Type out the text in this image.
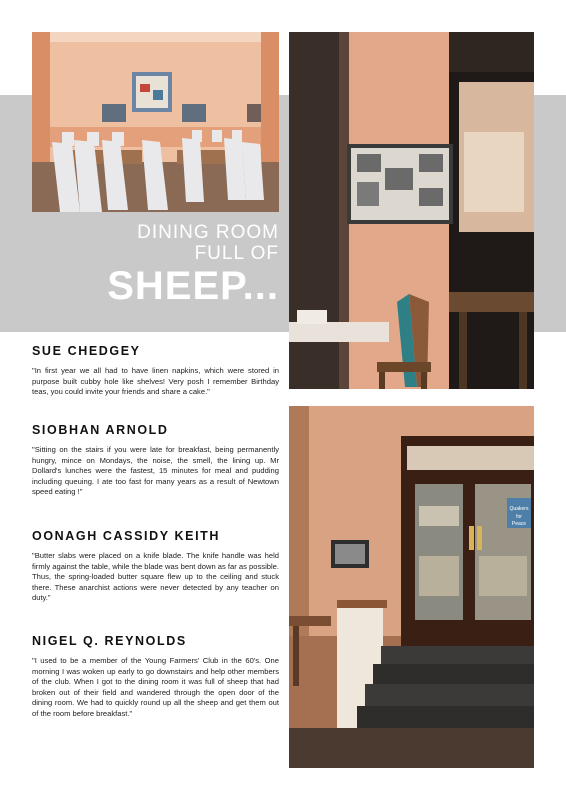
Quakers
for
Peace
DINING ROOM
FULL OF
SHEEP...
SUE CHEDGEY

"In first year we all had to have linen napkins, which were stored in purpose built cubby hole like shelves! Very posh I remember Birthday teas, you could invite your friends and share a cake."

SIOBHAN ARNOLD

"Sitting on the stairs if you were late for breakfast, being permanently hungry, mince on Mondays, the noise, the smell, the lining up. Mr Dollard's lunches were the fastest, 15 minutes for meal and pudding including queuing. I ate too fast for many years as a result of Newtown speed eating !"

OONAGH CASSIDY KEITH

"Butter slabs were placed on a knife blade. The knife handle was held firmly against the table, while the blade was bent down as far as possible. Thus, the spring-loaded butter square flew up to the ceiling and stuck there. These anarchist actions were never detected by any teacher on duty."

NIGEL Q. REYNOLDS

"I used to be a member of the Young Farmers' Club in the 60's. One morning I was woken up early to go downstairs and help other members of the club. When I got to the dining room it was full of sheep that had broken out of their field and wandered through the open door of the dining room. We had to quickly round up all the sheep and get them out of the room before breakfast."
